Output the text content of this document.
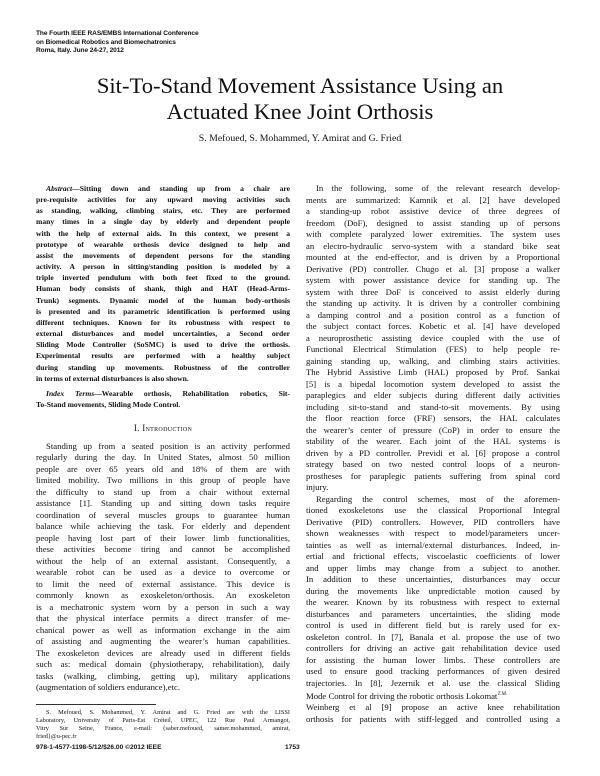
The Fourth IEEE RAS/EMBS International Conference
on Biomedical Robotics and Biomechatronics
Roma, Italy. June 24-27, 2012
Sit-To-Stand Movement Assistance Using an
Actuated Knee Joint Orthosis
S. Mefoued, S. Mohammed, Y. Amirat and G. Fried
Abstract—Sitting down and standing up from a chair are
pre-requisite activities for any upward moving activities such
as standing, walking, climbing stairs, etc. They are performed
many times in a single day by elderly and dependent people
with the help of external aids. In this context, we present a
prototype of wearable orthosis device designed to help and
assist the movements of dependent persons for the standing
activity. A person in sitting/standing position is modeled by a
triple inverted pendulum with both feet fixed to the ground.
Human body consists of shank, thigh and HAT (Head-Arms-
Trunk) segments. Dynamic model of the human body-orthosis
is presented and its parametric identification is performed using
different techniques. Known for its robustness with respect to
external disturbances and model uncertainties, a Second order
Sliding Mode Controller (SoSMC) is used to drive the orthosis.
Experimental results are performed with a healthy subject
during standing up movements. Robustness of the controller
in terms of external disturbances is also shown.
Index Terms—Wearable orthosis, Rehabilitation robotics, Sit-
To-Stand movements, Sliding Mode Control.
I. Introduction
Standing up from a seated position is an activity performed
regularly during the day. In United States, almost 50 million
people are over 65 years old and 18% of them are with
limited mobility. Two millions in this group of people have
the difficulty to stand up from a chair without external
assistance [1]. Standing up and sitting down tasks require
coordination of several muscles groups to guarantee human
balance while achieving the task. For elderly and dependent
people having lost part of their lower limb functionalities,
these activities become tiring and cannot be accomplished
without the help of an external assistant. Consequently, a
wearable robot can be used as a device to overcome or
to limit the need of external assistance. This device is
commonly known as exoskeleton/orthosis. An exoskeleton
is a mechatronic system worn by a person in such a way
that the physical interface permits a direct transfer of me-
chanical power as well as information exchange in the aim
of assisting and augmenting the wearer’s human capabilities.
The exoskeleton devices are already used in different fields
such as: medical domain (physiotherapy, rehabilitation), daily
tasks (walking, climbing, getting up), military applications
(augmentation of soldiers endurance),etc.
S. Mefoued, S. Mohammed, Y. Amirat and G. Fried are with the LISSI
Laboratory, University of Paris-Est Créteil, UPEC, 122 Rue Paul Armangot,
Vitry Sur Seine, France, e-mail: {saber.mefoued, samer.mohammed, amirat,
fried}@u-pec.fr
In the following, some of the relevant research develop-
ments are summarized: Kamnik et al. [2] have developed
a standing-up robot assistive device of three degrees of
freedom (DoF), designed to assist standing up of persons
with complete paralyzed lower extremities. The system uses
an electro-hydraulic servo-system with a standard bike seat
mounted at the end-effector, and is driven by a Proportional
Derivative (PD) controller. Chugo et al. [3] propose a walker
system with power assistance device for standing up. The
system with three DoF is conceived to assist elderly during
the standing up activity. It is driven by a controller combining
a damping control and a position control as a function of
the subject contact forces. Kobetic et al. [4] have developed
a neuroprosthetic assisting device coupled with the use of
Functional Electrical Stimulation (FES) to help people re-
gaining standing up, walking, and climbing stairs activities.
The Hybrid Assistive Limb (HAL) proposed by Prof. Sankai
[5] is a bipedal locomotion system developed to assist the
paraplegics and elder subjects during different daily activities
including sit-to-stand and stand-to-sit movements. By using
the floor reaction force (FRF) sensors, the HAL calculates
the wearer’s center of pressure (CoP) in order to ensure the
stability of the wearer. Each joint of the HAL systems is
driven by a PD controller. Previdi et al. [6] propose a control
strategy based on two nested control loops of a neuron-
prostheses for paraplegic patients suffering from spinal cord
injury.
Regarding the control schemes, most of the aforemen-
tioned exoskeletons use the classical Proportional Integral
Derivative (PID) controllers. However, PID controllers have
shown weaknesses with respect to model/parameters uncer-
tainties as well as internal/external disturbances. Indeed, in-
ertial and frictional effects, viscoelastic coefficients of lower
and upper limbs may change from a subject to another.
In addition to these uncertainties, disturbances may occur
during the movements like unpredictable motion caused by
the wearer. Known by its robustness with respect to external
disturbances and parameters uncertainties, the sliding mode
control is used in different field but is rarely used for ex-
oskeleton control. In [7], Banala et al. propose the use of two
controllers for driving an active gait rehabilitation device used
for assisting the human lower limbs. These controllers are
used to ensure good tracking performances of given desired
trajectories. In [8], Jezernik et al. use the classical Sliding
Mode Control for driving the robotic orthosis Lokomat$^{T.M.}$
Weinberg et al [9] propose an active knee rehabilitation
orthosis for patients with stiff-legged and controlled using a
978-1-4577-1198-5/12/$26.00 ©2012 IEEE	1753
